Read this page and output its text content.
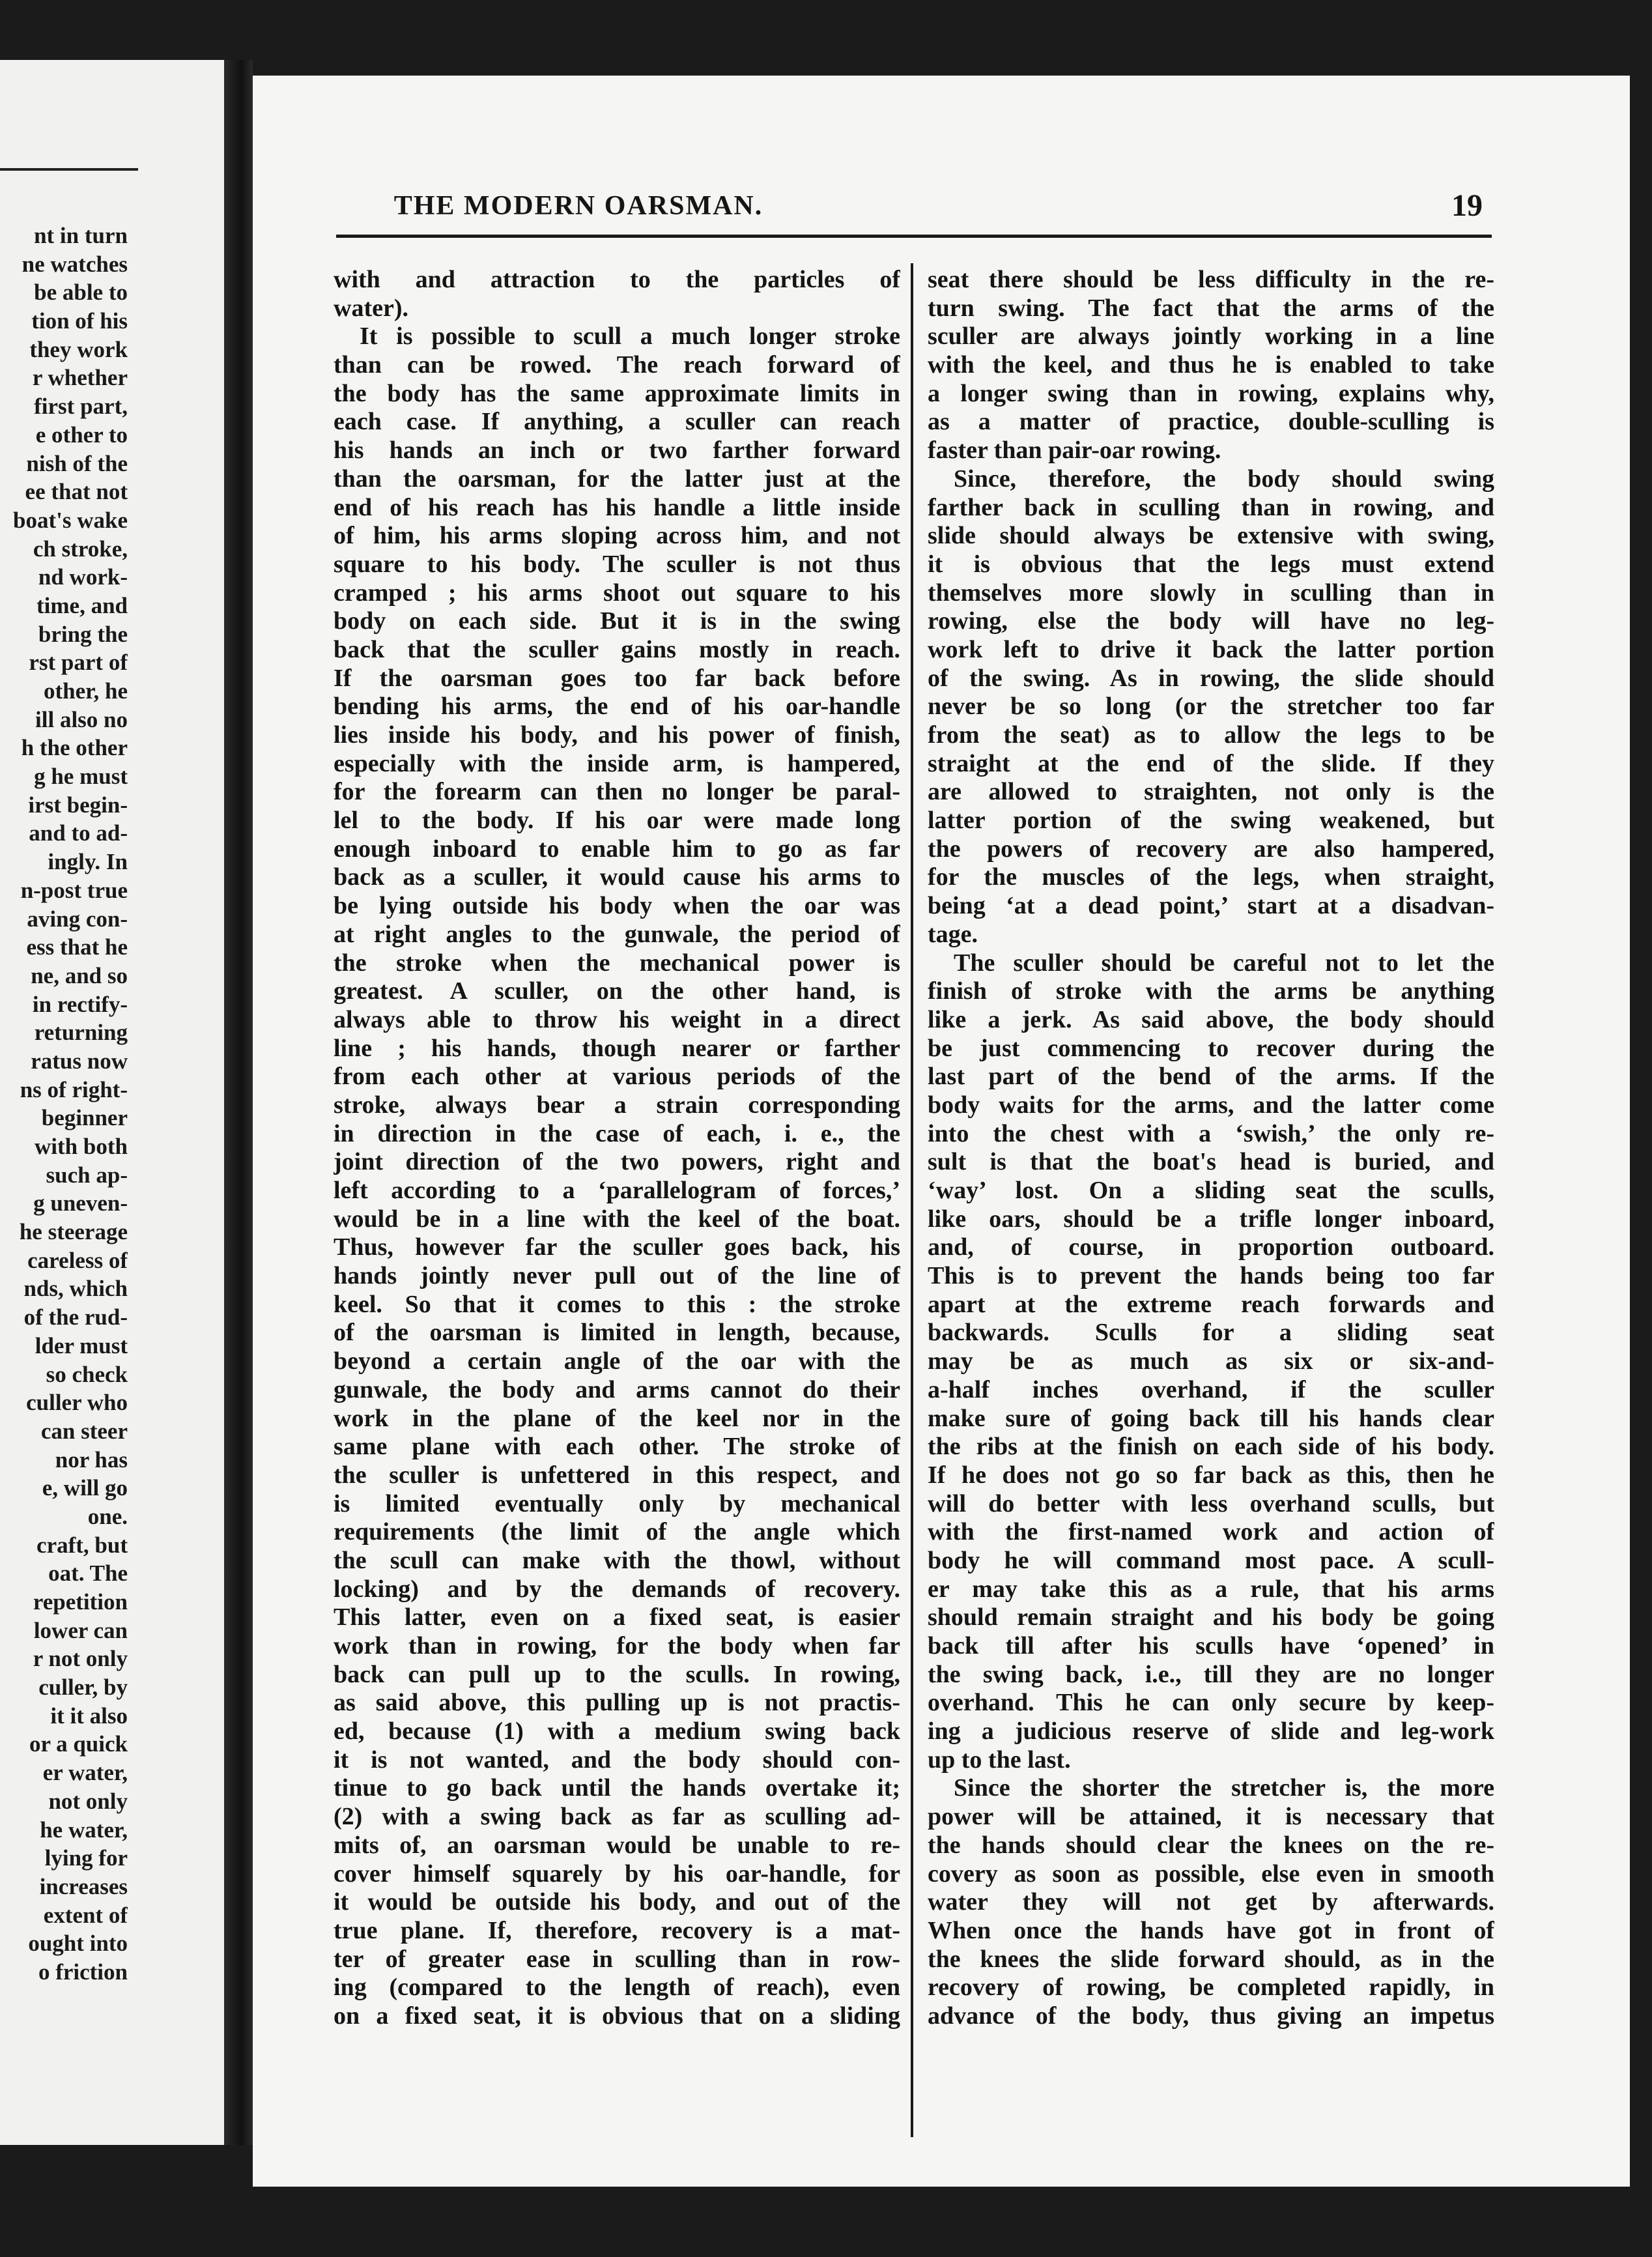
nt in turn
ne watches
be able to
tion of his
they work
r whether
first part,
e other to
nish of the
ee that not
boat's wake
ch stroke,
nd work-
time, and
bring the
rst part of
other, he
ill also no
h the other
g he must
irst begin-
and to ad-
ingly. In
n-post true
aving con-
ess that he
ne, and so
in rectify-
returning
ratus now
ns of right-
beginner
with both
such ap-
g uneven-
he steerage
careless of
nds, which
of the rud-
lder must
so check
culler who
can steer
nor has
e, will go
one.
craft, but
oat. The
repetition
lower can
r not only
culler, by
it it also
or a quick
er water,
not only
he water,
lying for
increases
extent of
ought into
o friction
THE MODERN OARSMAN.	19
with and attraction to the particles of
water).
It is possible to scull a much longer stroke
than can be rowed. The reach forward of
the body has the same approximate limits in
each case. If anything, a sculler can reach
his hands an inch or two farther forward
than the oarsman, for the latter just at the
end of his reach has his handle a little inside
of him, his arms sloping across him, and not
square to his body. The sculler is not thus
cramped ; his arms shoot out square to his
body on each side. But it is in the swing
back that the sculler gains mostly in reach.
If the oarsman goes too far back before
bending his arms, the end of his oar-handle
lies inside his body, and his power of finish,
especially with the inside arm, is hampered,
for the forearm can then no longer be paral-
lel to the body. If his oar were made long
enough inboard to enable him to go as far
back as a sculler, it would cause his arms to
be lying outside his body when the oar was
at right angles to the gunwale, the period of
the stroke when the mechanical power is
greatest. A sculler, on the other hand, is
always able to throw his weight in a direct
line ; his hands, though nearer or farther
from each other at various periods of the
stroke, always bear a strain corresponding
in direction in the case of each, i. e., the
joint direction of the two powers, right and
left according to a ‘parallelogram of forces,’
would be in a line with the keel of the boat.
Thus, however far the sculler goes back, his
hands jointly never pull out of the line of
keel. So that it comes to this : the stroke
of the oarsman is limited in length, because,
beyond a certain angle of the oar with the
gunwale, the body and arms cannot do their
work in the plane of the keel nor in the
same plane with each other. The stroke of
the sculler is unfettered in this respect, and
is limited eventually only by mechanical
requirements (the limit of the angle which
the scull can make with the thowl, without
locking) and by the demands of recovery.
This latter, even on a fixed seat, is easier
work than in rowing, for the body when far
back can pull up to the sculls. In rowing,
as said above, this pulling up is not practis-
ed, because (1) with a medium swing back
it is not wanted, and the body should con-
tinue to go back until the hands overtake it;
(2) with a swing back as far as sculling ad-
mits of, an oarsman would be unable to re-
cover himself squarely by his oar-handle, for
it would be outside his body, and out of the
true plane. If, therefore, recovery is a mat-
ter of greater ease in sculling than in row-
ing (compared to the length of reach), even
on a fixed seat, it is obvious that on a sliding
seat there should be less difficulty in the re-
turn swing. The fact that the arms of the
sculler are always jointly working in a line
with the keel, and thus he is enabled to take
a longer swing than in rowing, explains why,
as a matter of practice, double-sculling is
faster than pair-oar rowing.
Since, therefore, the body should swing
farther back in sculling than in rowing, and
slide should always be extensive with swing,
it is obvious that the legs must extend
themselves more slowly in sculling than in
rowing, else the body will have no leg-
work left to drive it back the latter portion
of the swing. As in rowing, the slide should
never be so long (or the stretcher too far
from the seat) as to allow the legs to be
straight at the end of the slide. If they
are allowed to straighten, not only is the
latter portion of the swing weakened, but
the powers of recovery are also hampered,
for the muscles of the legs, when straight,
being ‘at a dead point,’ start at a disadvan-
tage.
The sculler should be careful not to let the
finish of stroke with the arms be anything
like a jerk. As said above, the body should
be just commencing to recover during the
last part of the bend of the arms. If the
body waits for the arms, and the latter come
into the chest with a ‘swish,’ the only re-
sult is that the boat's head is buried, and
‘way’ lost. On a sliding seat the sculls,
like oars, should be a trifle longer inboard,
and, of course, in proportion outboard.
This is to prevent the hands being too far
apart at the extreme reach forwards and
backwards. Sculls for a sliding seat
may be as much as six or six-and-
a-half inches overhand, if the sculler
make sure of going back till his hands clear
the ribs at the finish on each side of his body.
If he does not go so far back as this, then he
will do better with less overhand sculls, but
with the first-named work and action of
body he will command most pace. A scull-
er may take this as a rule, that his arms
should remain straight and his body be going
back till after his sculls have ‘opened’ in
the swing back, i.e., till they are no longer
overhand. This he can only secure by keep-
ing a judicious reserve of slide and leg-work
up to the last.
Since the shorter the stretcher is, the more
power will be attained, it is necessary that
the hands should clear the knees on the re-
covery as soon as possible, else even in smooth
water they will not get by afterwards.
When once the hands have got in front of
the knees the slide forward should, as in the
recovery of rowing, be completed rapidly, in
advance of the body, thus giving an impetus
